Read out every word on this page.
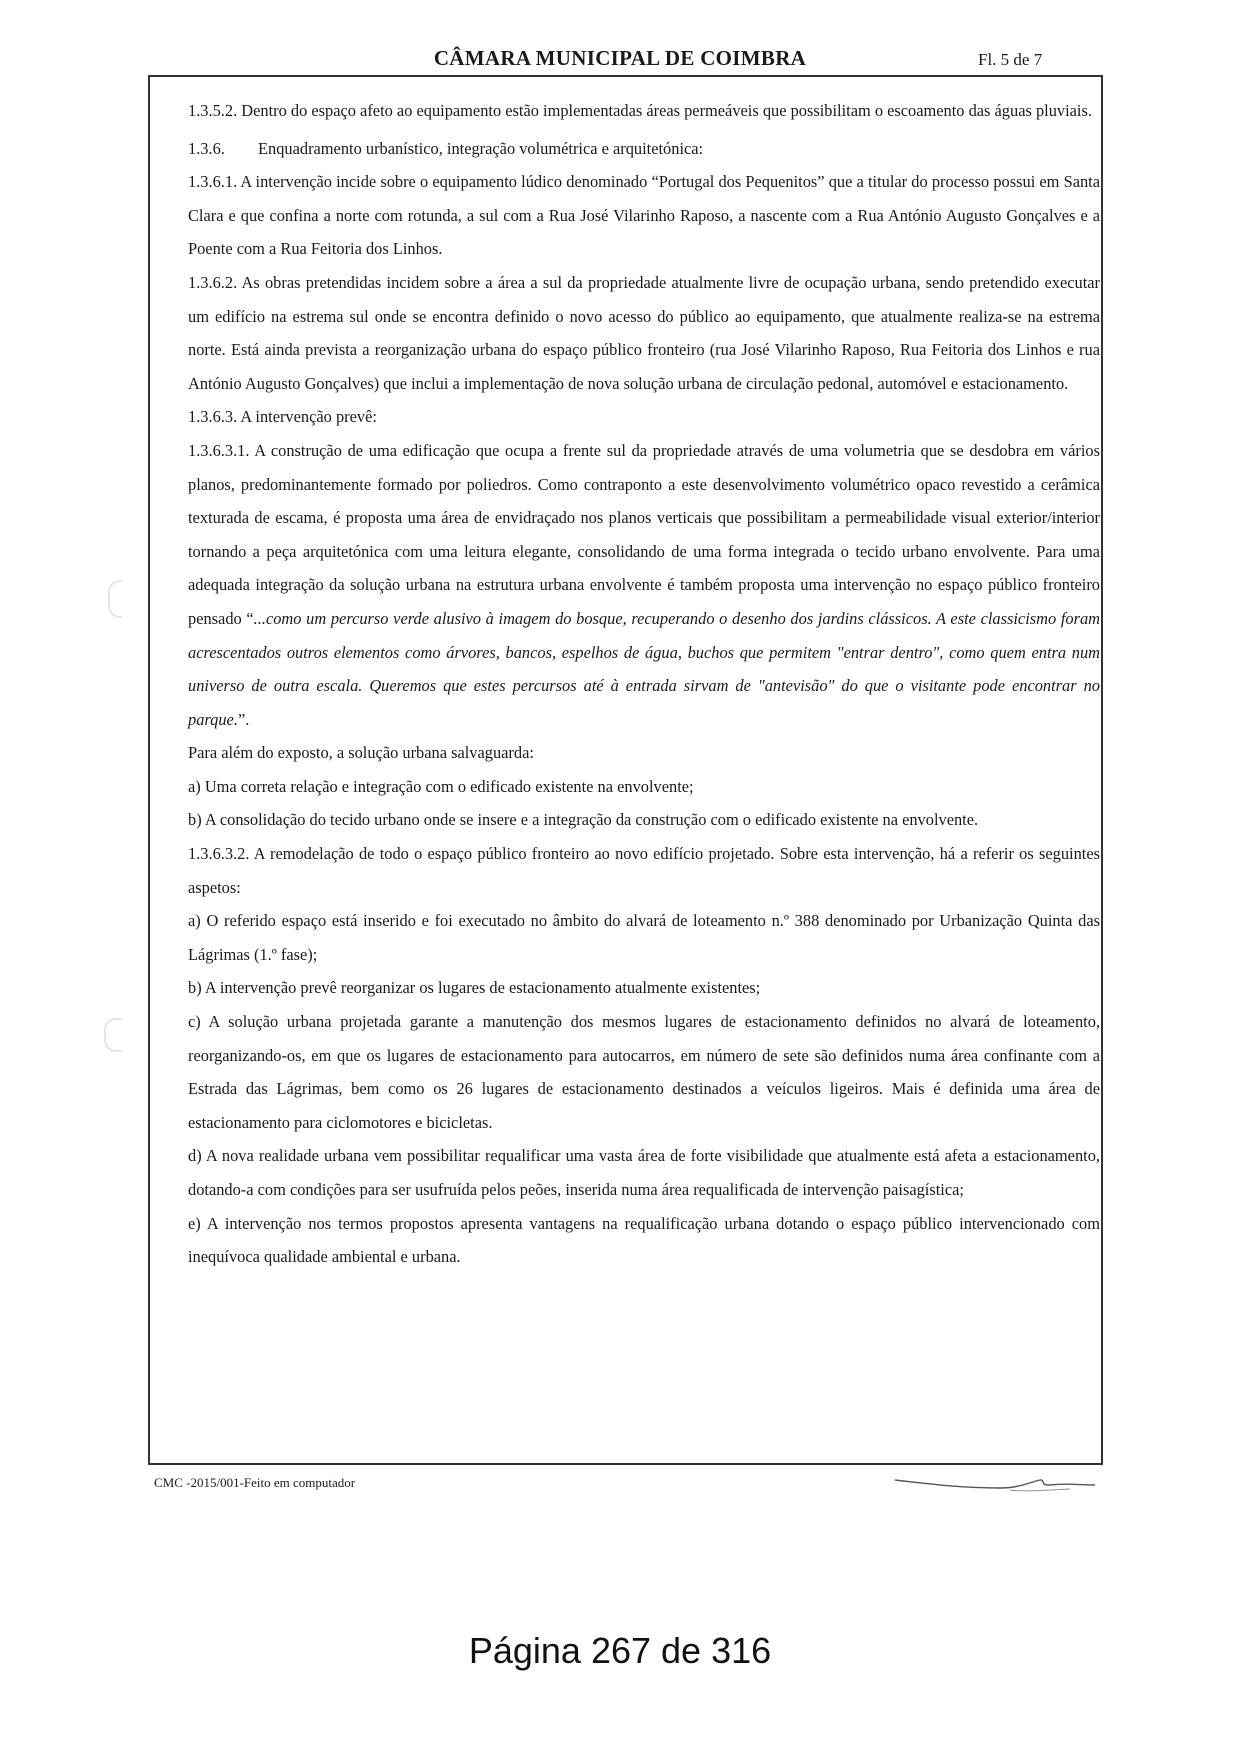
CÂMARA MUNICIPAL DE COIMBRA	Fl. 5 de 7

1.3.5.2. Dentro do espaço afeto ao equipamento estão implementadas áreas permeáveis que possibilitam o escoamento das águas pluviais.

1.3.6. Enquadramento urbanístico, integração volumétrica e arquitetónica:

1.3.6.1. A intervenção incide sobre o equipamento lúdico denominado “Portugal dos Pequenitos” que a titular do processo possui em Santa Clara e que confina a norte com rotunda, a sul com a Rua José Vilarinho Raposo, a nascente com a Rua António Augusto Gonçalves e a Poente com a Rua Feitoria dos Linhos.

1.3.6.2. As obras pretendidas incidem sobre a área a sul da propriedade atualmente livre de ocupação urbana, sendo pretendido executar um edifício na estrema sul onde se encontra definido o novo acesso do público ao equipamento, que atualmente realiza-se na estrema norte. Está ainda prevista a reorganização urbana do espaço público fronteiro (rua José Vilarinho Raposo, Rua Feitoria dos Linhos e rua António Augusto Gonçalves) que inclui a implementação de nova solução urbana de circulação pedonal, automóvel e estacionamento.

1.3.6.3. A intervenção prevê:

1.3.6.3.1. A construção de uma edificação que ocupa a frente sul da propriedade através de uma volumetria que se desdobra em vários planos, predominantemente formado por poliedros. Como contraponto a este desenvolvimento volumétrico opaco revestido a cerâmica texturada de escama, é proposta uma área de envidraçado nos planos verticais que possibilitam a permeabilidade visual exterior/interior tornando a peça arquitetónica com uma leitura elegante, consolidando de uma forma integrada o tecido urbano envolvente. Para uma adequada integração da solução urbana na estrutura urbana envolvente é também proposta uma intervenção no espaço público fronteiro pensado “...como um percurso verde alusivo à imagem do bosque, recuperando o desenho dos jardins clássicos. A este classicismo foram acrescentados outros elementos como árvores, bancos, espelhos de água, buchos que permitem "entrar dentro", como quem entra num universo de outra escala. Queremos que estes percursos até à entrada sirvam de "antevisão" do que o visitante pode encontrar no parque.”.

Para além do exposto, a solução urbana salvaguarda:

a) Uma correta relação e integração com o edificado existente na envolvente;

b) A consolidação do tecido urbano onde se insere e a integração da construção com o edificado existente na envolvente.

1.3.6.3.2. A remodelação de todo o espaço público fronteiro ao novo edifício projetado. Sobre esta intervenção, há a referir os seguintes aspetos:

a) O referido espaço está inserido e foi executado no âmbito do alvará de loteamento n.º 388 denominado por Urbanização Quinta das Lágrimas (1.º fase);

b) A intervenção prevê reorganizar os lugares de estacionamento atualmente existentes;

c) A solução urbana projetada garante a manutenção dos mesmos lugares de estacionamento definidos no alvará de loteamento, reorganizando-os, em que os lugares de estacionamento para autocarros, em número de sete são definidos numa área confinante com a Estrada das Lágrimas, bem como os 26 lugares de estacionamento destinados a veículos ligeiros. Mais é definida uma área de estacionamento para ciclomotores e bicicletas.

d) A nova realidade urbana vem possibilitar requalificar uma vasta área de forte visibilidade que atualmente está afeta a estacionamento, dotando-a com condições para ser usufruída pelos peões, inserida numa área requalificada de intervenção paisagística;

e) A intervenção nos termos propostos apresenta vantagens na requalificação urbana dotando o espaço público intervencionado com inequívoca qualidade ambiental e urbana.

CMC -2015/001-Feito em computador
Página 267 de 316
